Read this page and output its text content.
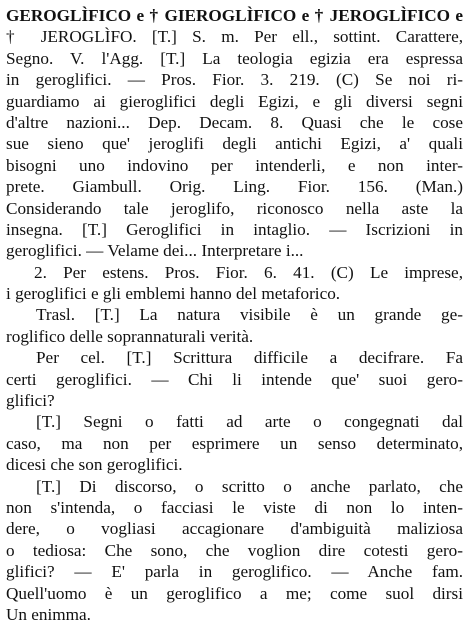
GEROGLÌFICO e † GIEROGLÌFICO e † JEROGLÌFICO e
† JEROGLÌFO. [T.] S. m. Per ell., sottint. Carattere,
Segno. V. l'Agg. [T.] La teologia egizia era espressa
in geroglifici. — Pros. Fior. 3. 219. (C) Se noi ri-
guardiamo ai gieroglifici degli Egizi, e gli diversi segni
d'altre nazioni... Dep. Decam. 8. Quasi che le cose
sue sieno que' jeroglifi degli antichi Egizi, a' quali
bisogni uno indovino per intenderli, e non inter-
prete. Giambull. Orig. Ling. Fior. 156. (Man.)
Considerando tale jeroglifo, riconosco nella aste la
insegna. [T.] Geroglifici in intaglio. — Iscrizioni in
geroglifici. — Velame dei... Interpretare i...
2. Per estens. Pros. Fior. 6. 41. (C) Le imprese,
i geroglifici e gli emblemi hanno del metaforico.
Trasl. [T.] La natura visibile è un grande ge-
roglifico delle soprannaturali verità.
Per cel. [T.] Scrittura difficile a decifrare. Fa
certi geroglifici. — Chi li intende que' suoi gero-
glifici?
[T.] Segni o fatti ad arte o congegnati dal
caso, ma non per esprimere un senso determinato,
dicesi che son geroglifici.
[T.] Di discorso, o scritto o anche parlato, che
non s'intenda, o facciasi le viste di non lo inten-
dere, o vogliasi accagionare d'ambiguità maliziosa
o tediosa: Che sono, che voglion dire cotesti gero-
glifici? — E' parla in geroglifico. — Anche fam.
Quell'uomo è un geroglifico a me; come suol dirsi
Un enimma.
